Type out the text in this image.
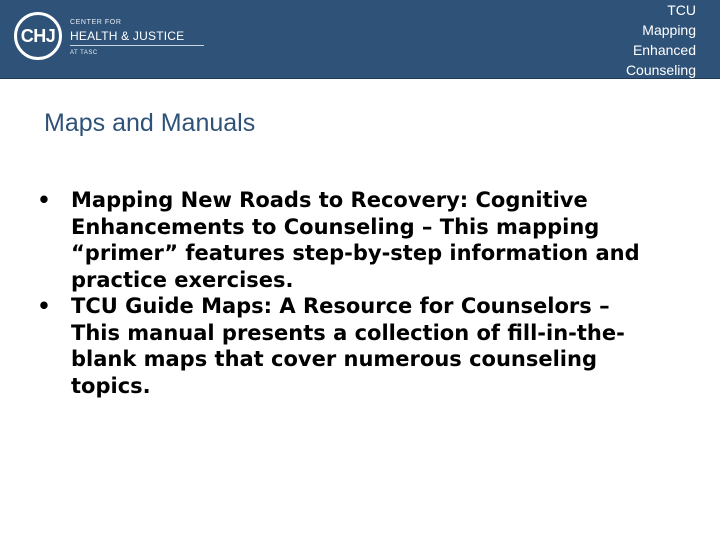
CHJ
CENTER FOR
HEALTH & JUSTICE
AT TASC
TCU
Mapping
Enhanced
Counseling
Maps and Manuals
• Mapping New Roads to Recovery: Cognitive
Enhancements to Counseling – This mapping
“primer” features step-by-step information and
practice exercises.
• TCU Guide Maps: A Resource for Counselors –
This manual presents a collection of fill-in-the-
blank maps that cover numerous counseling
topics.
